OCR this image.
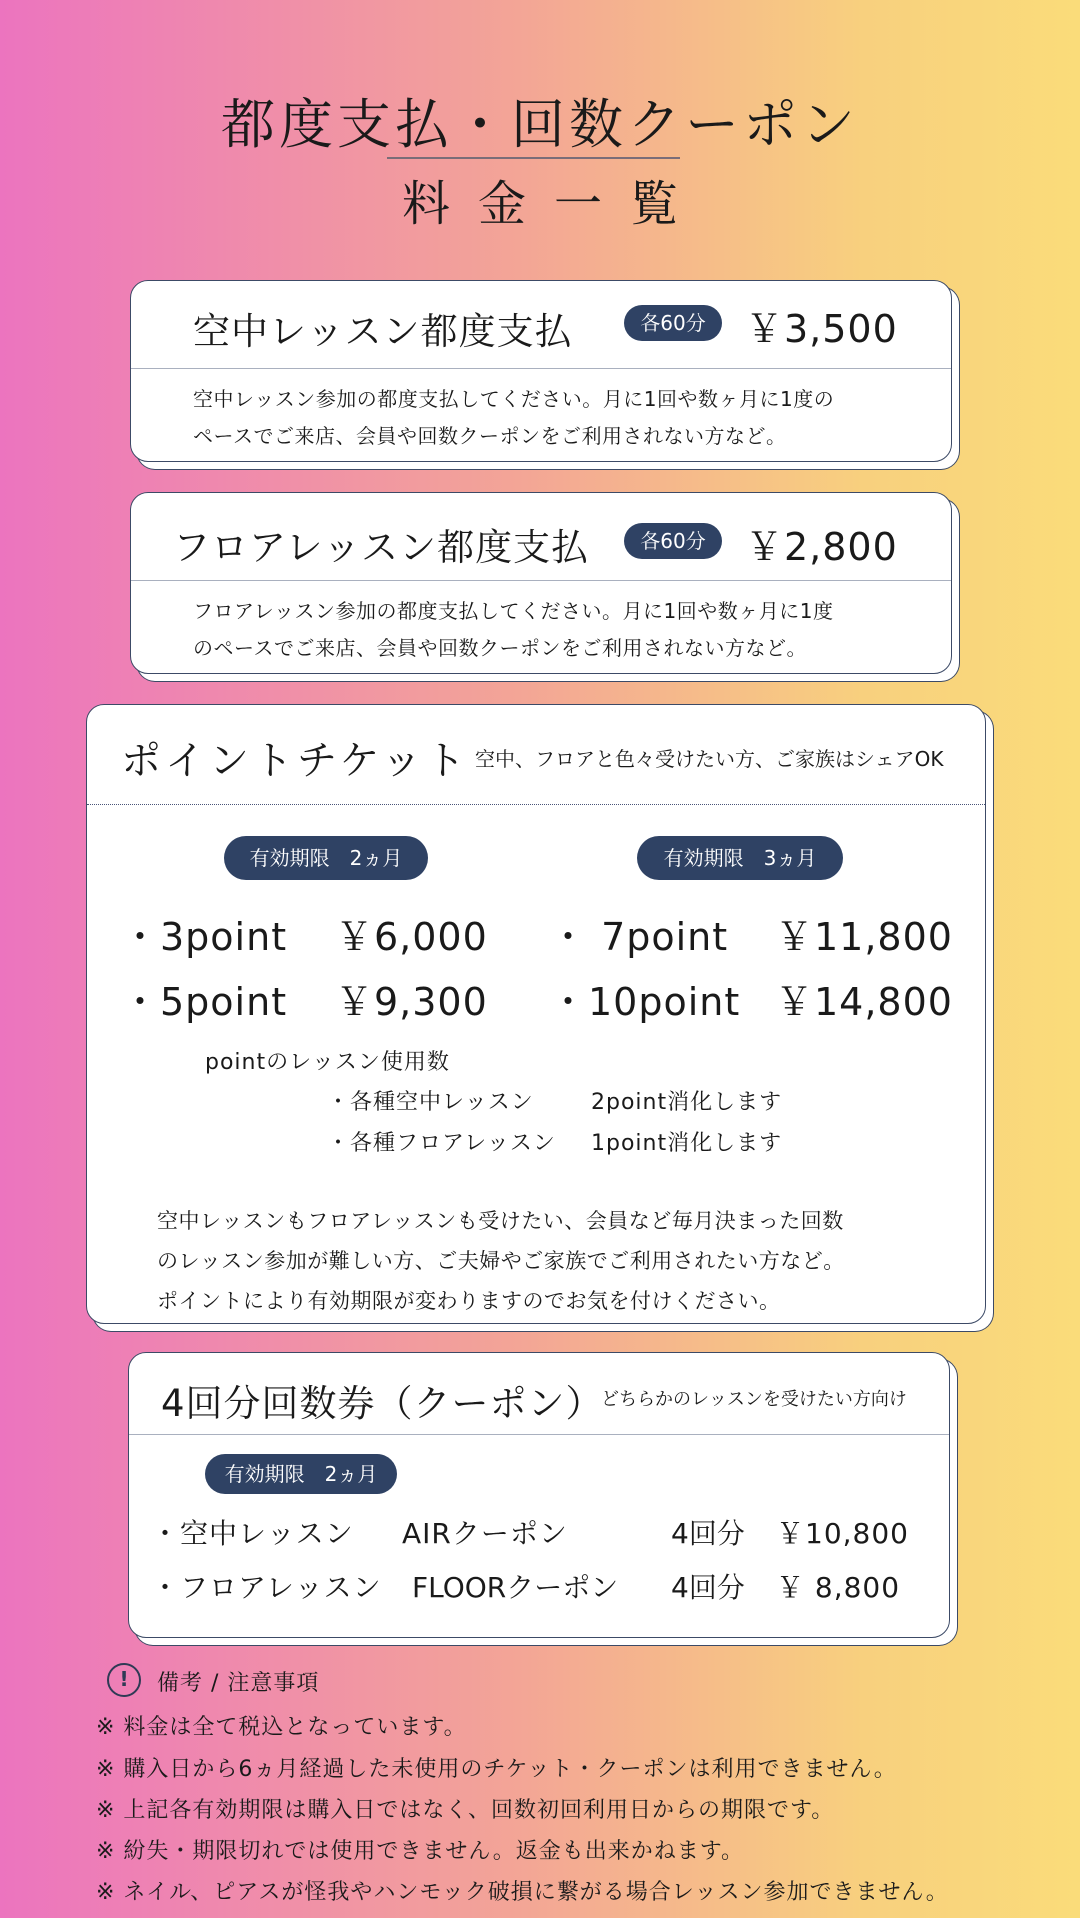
都度支払・回数クーポン
料金一覧
空中レッスン都度支払	各60分	￥3,500
空中レッスン参加の都度支払してください。月に1回や数ヶ月に1度の
ペースでご来店、会員や回数クーポンをご利用されない方など。
フロアレッスン都度支払	各60分	￥2,800
フロアレッスン参加の都度支払してください。月に1回や数ヶ月に1度
のペースでご来店、会員や回数クーポンをご利用されない方など。
ポイントチケット 空中、フロアと色々受けたい方、ご家族はシェアOK
有効期限　2ヵ月	有効期限　3ヵ月
・3point ￥6,000
・5point ￥9,300
・ 7point ￥11,800
・10point ￥14,800
pointのレッスン使用数
・各種空中レッスン	2point消化します
・各種フロアレッスン 1point消化します
空中レッスンもフロアレッスンも受けたい、会員など毎月決まった回数
のレッスン参加が難しい方、ご夫婦やご家族でご利用されたい方など。
ポイントにより有効期限が変わりますのでお気を付けください。
4回分回数券（クーポン）
どちらかのレッスンを受けたい方向け
有効期限　2ヵ月
・空中レッスン AIRクーポン	4回分 ￥10,800
・フロアレッスン FLOORクーポン 4回分 ￥ 8,800
!	備考 / 注意事項
※ 料金は全て税込となっています。
※ 購入日から6ヵ月経過した未使用のチケット・クーポンは利用できません。
※ 上記各有効期限は購入日ではなく、回数初回利用日からの期限です。
※ 紛失・期限切れでは使用できません。返金も出来かねます。
※ ネイル、ピアスが怪我やハンモック破損に繋がる場合レッスン参加できません。
